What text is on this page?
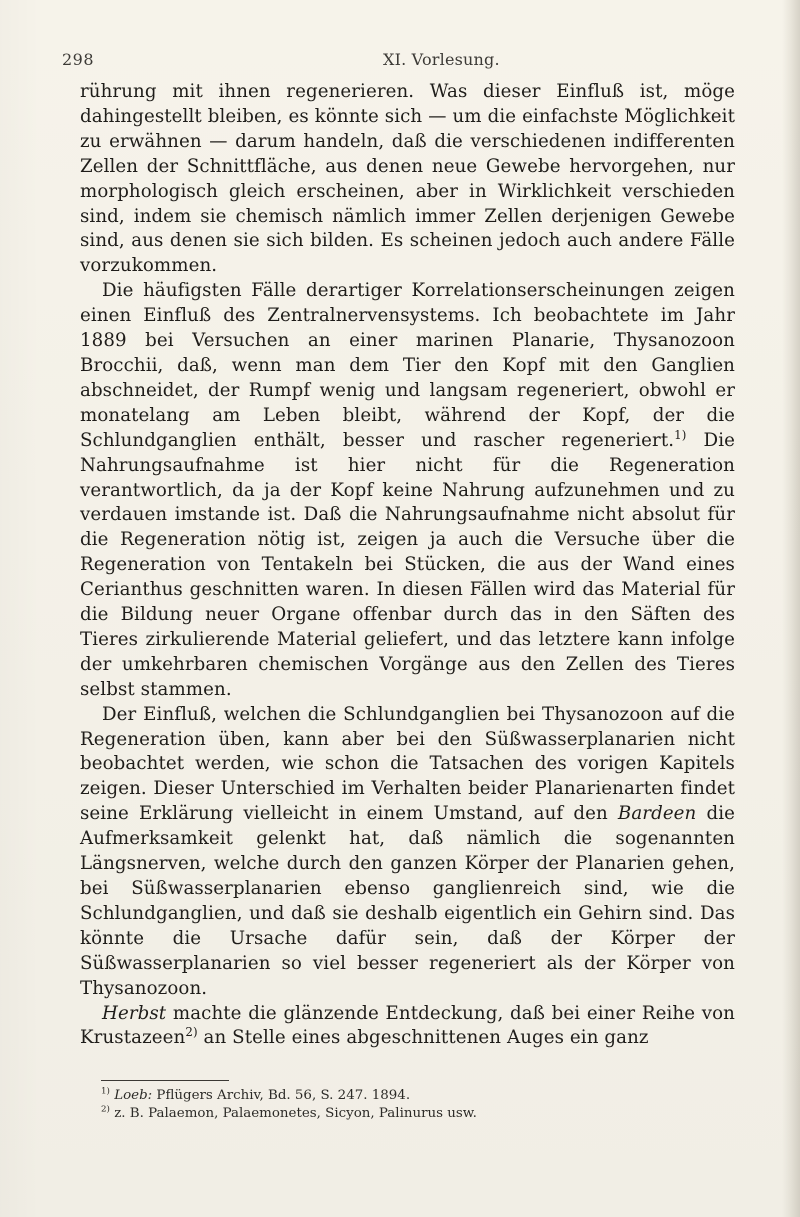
298	XI. Vorlesung.

rührung mit ihnen regenerieren. Was dieser Einfluß ist, möge dahingestellt bleiben, es könnte sich — um die einfachste Möglichkeit zu erwähnen — darum handeln, daß die verschiedenen indifferenten Zellen der Schnittfläche, aus denen neue Gewebe hervorgehen, nur morphologisch gleich erscheinen, aber in Wirklichkeit verschieden sind, indem sie chemisch nämlich immer Zellen derjenigen Gewebe sind, aus denen sie sich bilden. Es scheinen jedoch auch andere Fälle vorzukommen.

Die häufigsten Fälle derartiger Korrelationserscheinungen zeigen einen Einfluß des Zentralnervensystems. Ich beobachtete im Jahr 1889 bei Versuchen an einer marinen Planarie, Thysanozoon Brocchii, daß, wenn man dem Tier den Kopf mit den Ganglien abschneidet, der Rumpf wenig und langsam regeneriert, obwohl er monatelang am Leben bleibt, während der Kopf, der die Schlundganglien enthält, besser und rascher regeneriert.$^{1)}$ Die Nahrungsaufnahme ist hier nicht für die Regeneration verantwortlich, da ja der Kopf keine Nahrung aufzunehmen und zu verdauen imstande ist. Daß die Nahrungsaufnahme nicht absolut für die Regeneration nötig ist, zeigen ja auch die Versuche über die Regeneration von Tentakeln bei Stücken, die aus der Wand eines Cerianthus geschnitten waren. In diesen Fällen wird das Material für die Bildung neuer Organe offenbar durch das in den Säften des Tieres zirkulierende Material geliefert, und das letztere kann infolge der umkehrbaren chemischen Vorgänge aus den Zellen des Tieres selbst stammen.

Der Einfluß, welchen die Schlundganglien bei Thysanozoon auf die Regeneration üben, kann aber bei den Süßwasserplanarien nicht beobachtet werden, wie schon die Tatsachen des vorigen Kapitels zeigen. Dieser Unterschied im Verhalten beider Planarienarten findet seine Erklärung vielleicht in einem Umstand, auf den Bardeen die Aufmerksamkeit gelenkt hat, daß nämlich die sogenannten Längsnerven, welche durch den ganzen Körper der Planarien gehen, bei Süßwasserplanarien ebenso ganglienreich sind, wie die Schlundganglien, und daß sie deshalb eigentlich ein Gehirn sind. Das könnte die Ursache dafür sein, daß der Körper der Süßwasserplanarien so viel besser regeneriert als der Körper von Thysanozoon.

Herbst machte die glänzende Entdeckung, daß bei einer Reihe von Krustazeen$^{2)}$ an Stelle eines abgeschnittenen Auges ein ganz

$^{1)}$ Loeb: Pflügers Archiv, Bd. 56, S. 247. 1894.

$^{2)}$ z. B. Palaemon, Palaemonetes, Sicyon, Palinurus usw.
